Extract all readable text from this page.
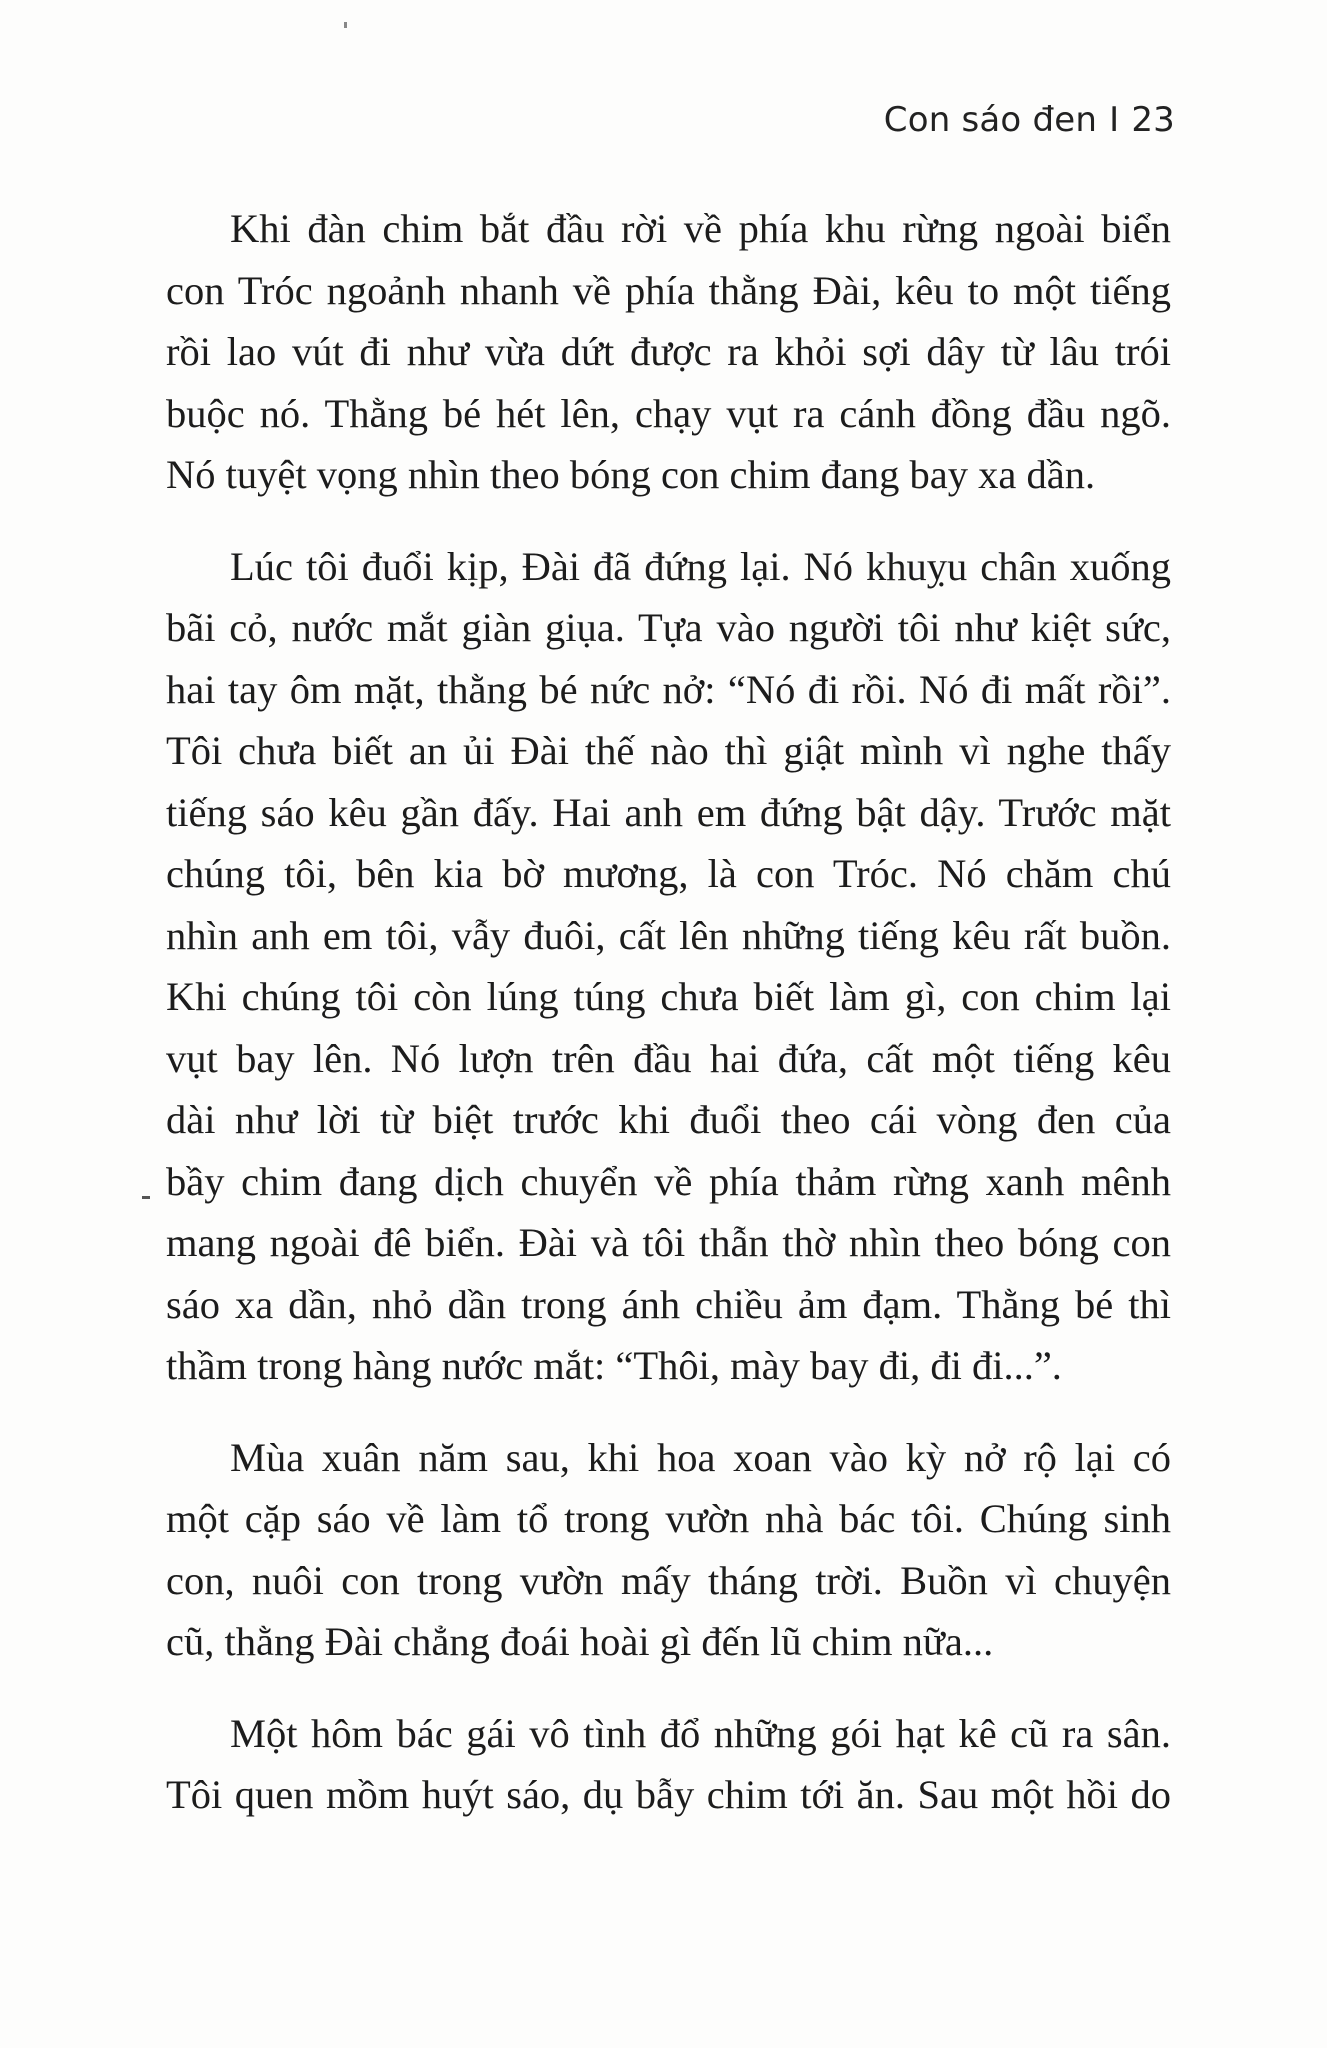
Con sáo đen I 23
Khi đàn chim bắt đầu rời về phía khu rừng ngoài biển
con Tróc ngoảnh nhanh về phía thằng Đài, kêu to một tiếng
rồi lao vút đi như vừa dứt được ra khỏi sợi dây từ lâu trói
buộc nó. Thằng bé hét lên, chạy vụt ra cánh đồng đầu ngõ.
Nó tuyệt vọng nhìn theo bóng con chim đang bay xa dần.
Lúc tôi đuổi kịp, Đài đã đứng lại. Nó khuỵu chân xuống
bãi cỏ, nước mắt giàn giụa. Tựa vào người tôi như kiệt sức,
hai tay ôm mặt, thằng bé nức nở: “Nó đi rồi. Nó đi mất rồi”.
Tôi chưa biết an ủi Đài thế nào thì giật mình vì nghe thấy
tiếng sáo kêu gần đấy. Hai anh em đứng bật dậy. Trước mặt
chúng tôi, bên kia bờ mương, là con Tróc. Nó chăm chú
nhìn anh em tôi, vẫy đuôi, cất lên những tiếng kêu rất buồn.
Khi chúng tôi còn lúng túng chưa biết làm gì, con chim lại
vụt bay lên. Nó lượn trên đầu hai đứa, cất một tiếng kêu
dài như lời từ biệt trước khi đuổi theo cái vòng đen của
bầy chim đang dịch chuyển về phía thảm rừng xanh mênh
mang ngoài đê biển. Đài và tôi thẫn thờ nhìn theo bóng con
sáo xa dần, nhỏ dần trong ánh chiều ảm đạm. Thằng bé thì
thầm trong hàng nước mắt: “Thôi, mày bay đi, đi đi...”.
Mùa xuân năm sau, khi hoa xoan vào kỳ nở rộ lại có
một cặp sáo về làm tổ trong vườn nhà bác tôi. Chúng sinh
con, nuôi con trong vườn mấy tháng trời. Buồn vì chuyện
cũ, thằng Đài chẳng đoái hoài gì đến lũ chim nữa...
Một hôm bác gái vô tình đổ những gói hạt kê cũ ra sân.
Tôi quen mồm huýt sáo, dụ bẫy chim tới ăn. Sau một hồi do
